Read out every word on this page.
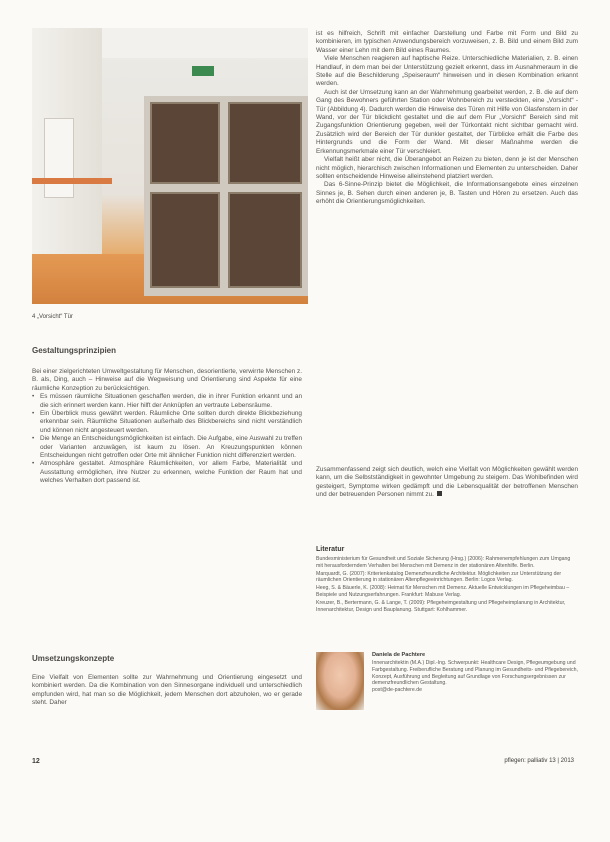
4 „Vorsicht“ Tür
Gestaltungsprinzipien

Bei einer zielgerichteten Umweltgestaltung für Menschen, desorientierte, verwirrte Menschen z. B. als, Ding, auch – Hinweise auf die Wegweisung und Orientierung sind Aspekte für eine räumliche Konzeption zu berücksichtigen.

• Es müssen räumliche Situationen geschaffen werden, die in ihrer Funktion erkannt und an die sich erinnert werden kann. Hier hilft der Anknüpfen an vertraute Lebensräume.
• Ein Überblick muss gewährt werden. Räumliche Orte sollten durch direkte Blickbeziehung erkennbar sein. Räumliche Situationen außerhalb des Blickbereichs sind nicht verständlich und können nicht angesteuert werden.
• Die Menge an Entscheidungsmöglichkeiten ist einfach. Die Aufgabe, eine Auswahl zu treffen oder Varianten anzuwägen, ist kaum zu lösen. An Kreuzungspunkten können Entscheidungen nicht getroffen oder Orte mit ähnlicher Funktion nicht differenziert werden.
• Atmosphäre gestaltet. Atmosphäre Räumlichkeiten, vor allem Farbe, Materialität und Ausstattung ermöglichen, ihre Nutzer zu erkennen, welche Funktion der Raum hat und welches Verhalten dort passend ist.
Umsetzungskonzepte

Eine Vielfalt von Elementen sollte zur Wahrnehmung und Orientierung eingesetzt und kombiniert werden. Da die Kombination von den Sinnesorgane individuell und unterschiedlich empfunden wird, hat man so die Möglichkeit, jedem Menschen dort abzuholen, wo er gerade steht. Daher

ist es hilfreich, Schrift mit einfacher Darstellung und Farbe mit Form und Bild zu kombinieren, im typischen Anwendungsbereich vorzuweisen, z. B. Bild und einem Bild zum Wasser einer Lehn mit dem Bild eines Raumes.

Viele Menschen reagieren auf haptische Reize. Unterschiedliche Materialien, z. B. einen Handlauf, in dem man bei der Unterstützung gezielt erkennt, dass im Ausnahmeraum in die Stelle auf die Beschilderung „Speiseraum“ hinweisen und in diesen Kombination erkannt werden.

Auch ist der Umsetzung kann an der Wahrnehmung gearbeitet werden, z. B. die auf dem Gang des Bewohners geführten Station oder Wohnbereich zu versteckten, eine „Vorsicht“ -Tür (Abbildung 4). Dadurch werden die Hinweise des Türen mit Hilfe von Glasfenstern in der Wand, vor der Tür blickdicht gestaltet und die auf dem Flur „Vorsicht“ Bereich sind mit Zugangsfunktion Orientierung gegeben, weil der Türkontakt nicht sichtbar gemacht wird. Zusätzlich wird der Bereich der Tür dunkler gestaltet, der Türblicke erhält die Farbe des Hintergrunds und die Form der Wand. Mit dieser Maßnahme werden die Erkennungsmerkmale einer Tür verschleiert.

Vielfalt heißt aber nicht, die Überangebot an Reizen zu bieten, denn je ist der Menschen nicht möglich, hierarchisch zwischen Informationen und Elementen zu unterscheiden. Daher sollten entscheidende Hinweise alleinstehend platziert werden.

Das 6-Sinne-Prinzip bietet die Möglichkeit, die Informationsangebote eines einzelnen Sinnes je, B. Sehen durch einen anderen je, B. Tasten und Hören zu ersetzen. Auch das erhöht die Orientierungsmöglichkeiten.

Zusammenfassend zeigt sich deutlich, welch eine Vielfalt von Möglichkeiten gewählt werden kann, um die Selbstständigkeit in gewohnter Umgebung zu steigern. Das Wohlbefinden wird gesteigert, Symptome wirken gedämpft und die Lebensqualität der betroffenen Menschen und der betreuenden Personen nimmt zu.

Literatur

Bundesministerium für Gesundheit und Soziale Sicherung (Hrsg.) (2006): Rahmenempfehlungen zum Umgang mit herausforderndem Verhalten bei Menschen mit Demenz in der stationären Altenhilfe. Berlin.

Marquardt, G. (2007): Kriterienkatalog Demenzfreundliche Architektur. Möglichkeiten zur Unterstützung der räumlichen Orientierung in stationären Altenpflegeeinrichtungen. Berlin: Logos Verlag.

Heeg, S. & Bäuerle, K. (2008): Heimat für Menschen mit Demenz. Aktuelle Entwicklungen im Pflegeheimbau – Beispiele und Nutzungserfahrungen. Frankfurt: Mabuse Verlag.

Kreuzer, B., Bertermann, G. & Lange, T. (2009): Pflegeheimgestaltung und Pflegeheimplanung in Architektur, Innenarchitektur, Design und Bauplanung. Stuttgart: Kohlhammer.

Daniela de Pachtere
Innenarchitektin (M.A.) Dipl.-Ing. Schwerpunkt: Healthcare Design, Pflegeumgebung und Farbgestaltung. Freiberufliche Beratung und Planung im Gesundheits- und Pflegebereich, Konzept, Ausführung und Begleitung auf Grundlage von Forschungsergebnissen zur demenzfreundlichen Gestaltung.
post@de-pachtere.de
12	pflegen: palliativ 13 | 2013
